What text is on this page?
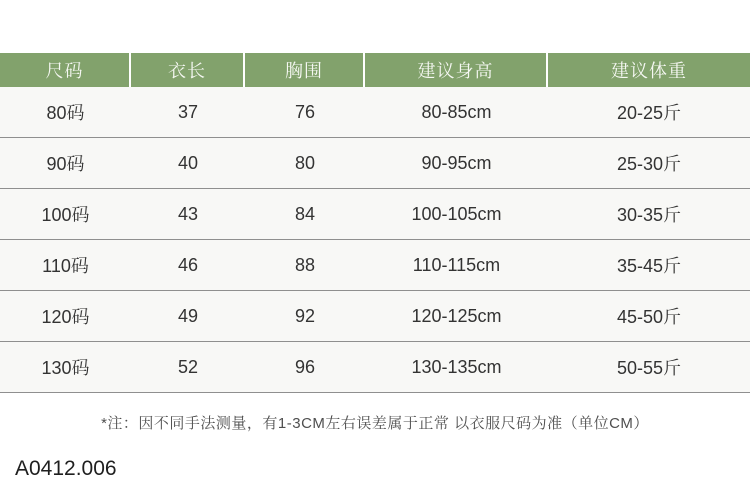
尺码	衣长	胸围	建议身高	建议体重
80码	37	76	80-85cm	20-25斤
90码	40	80	90-95cm	25-30斤
100码	43	84	100-105cm	30-35斤
110码	46	88	110-115cm	35-45斤
120码	49	92	120-125cm	45-50斤
130码	52	96	130-135cm	50-55斤
*注：因不同手法测量，有1-3CM左右误差属于正常 以衣服尺码为准（单位CM）
A0412.006
